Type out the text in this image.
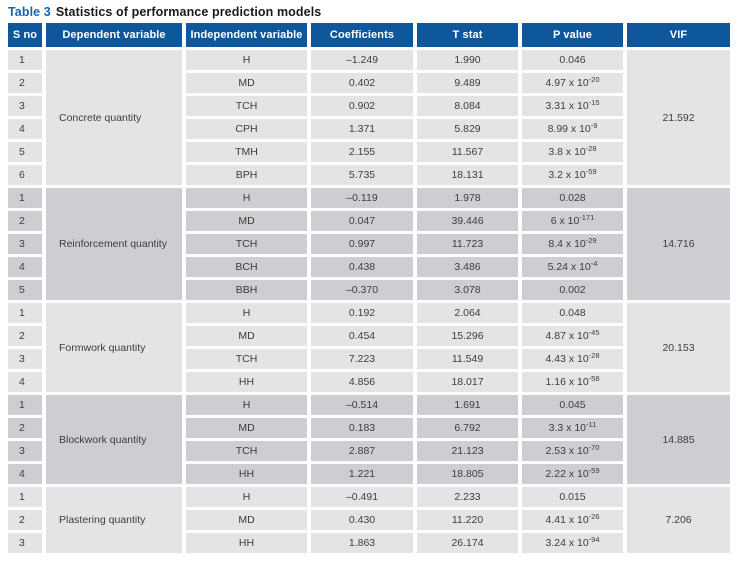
Table 3 Statistics of performance prediction models
S no	Dependent variable	Independent variable	Coefficients	T stat	P value	VIF
1	Concrete quantity	H	–1.249	1.990	0.046	21.592
2		MD	0.402	9.489	4.97 x $10^{-20}$
3		TCH	0.902	8.084	3.31 x $10^{-15}$
4		CPH	1.371	5.829	8.99 x $10^{-9}$
5		TMH	2.155	11.567	3.8 x $10^{-28}$
6		BPH	5.735	18.131	3.2 x $10^{-59}$
1	Reinforcement quantity	H	–0.119	1.978	0.028	14.716
2		MD	0.047	39.446	6 x $10^{-171}$
3		TCH	0.997	11.723	8.4 x $10^{-29}$
4		BCH	0.438	3.486	5.24 x $10^{-4}$
5		BBH	–0.370	3.078	0.002	
1	Formwork quantity	H	0.192	2.064	0.048	20.153
2		MD	0.454	15.296	4.87 x $10^{-45}$
3		TCH	7.223	11.549	4.43 x $10^{-28}$
4		HH	4.856	18.017	1.16 x $10^{-58}$
1	Blockwork quantity	H	–0.514	1.691	0.045	14.885
2		MD	0.183	6.792	3.3 x $10^{-11}$
3		TCH	2.887	21.123	2.53 x $10^{-70}$
4		HH	1.221	18.805	2.22 x $10^{-59}$
1	Plastering quantity	H	–0.491	2.233	0.015	7.206
2		MD	0.430	11.220	4.41 x $10^{-26}$
3		HH	1.863	26.174	3.24 x $10^{-94}$
